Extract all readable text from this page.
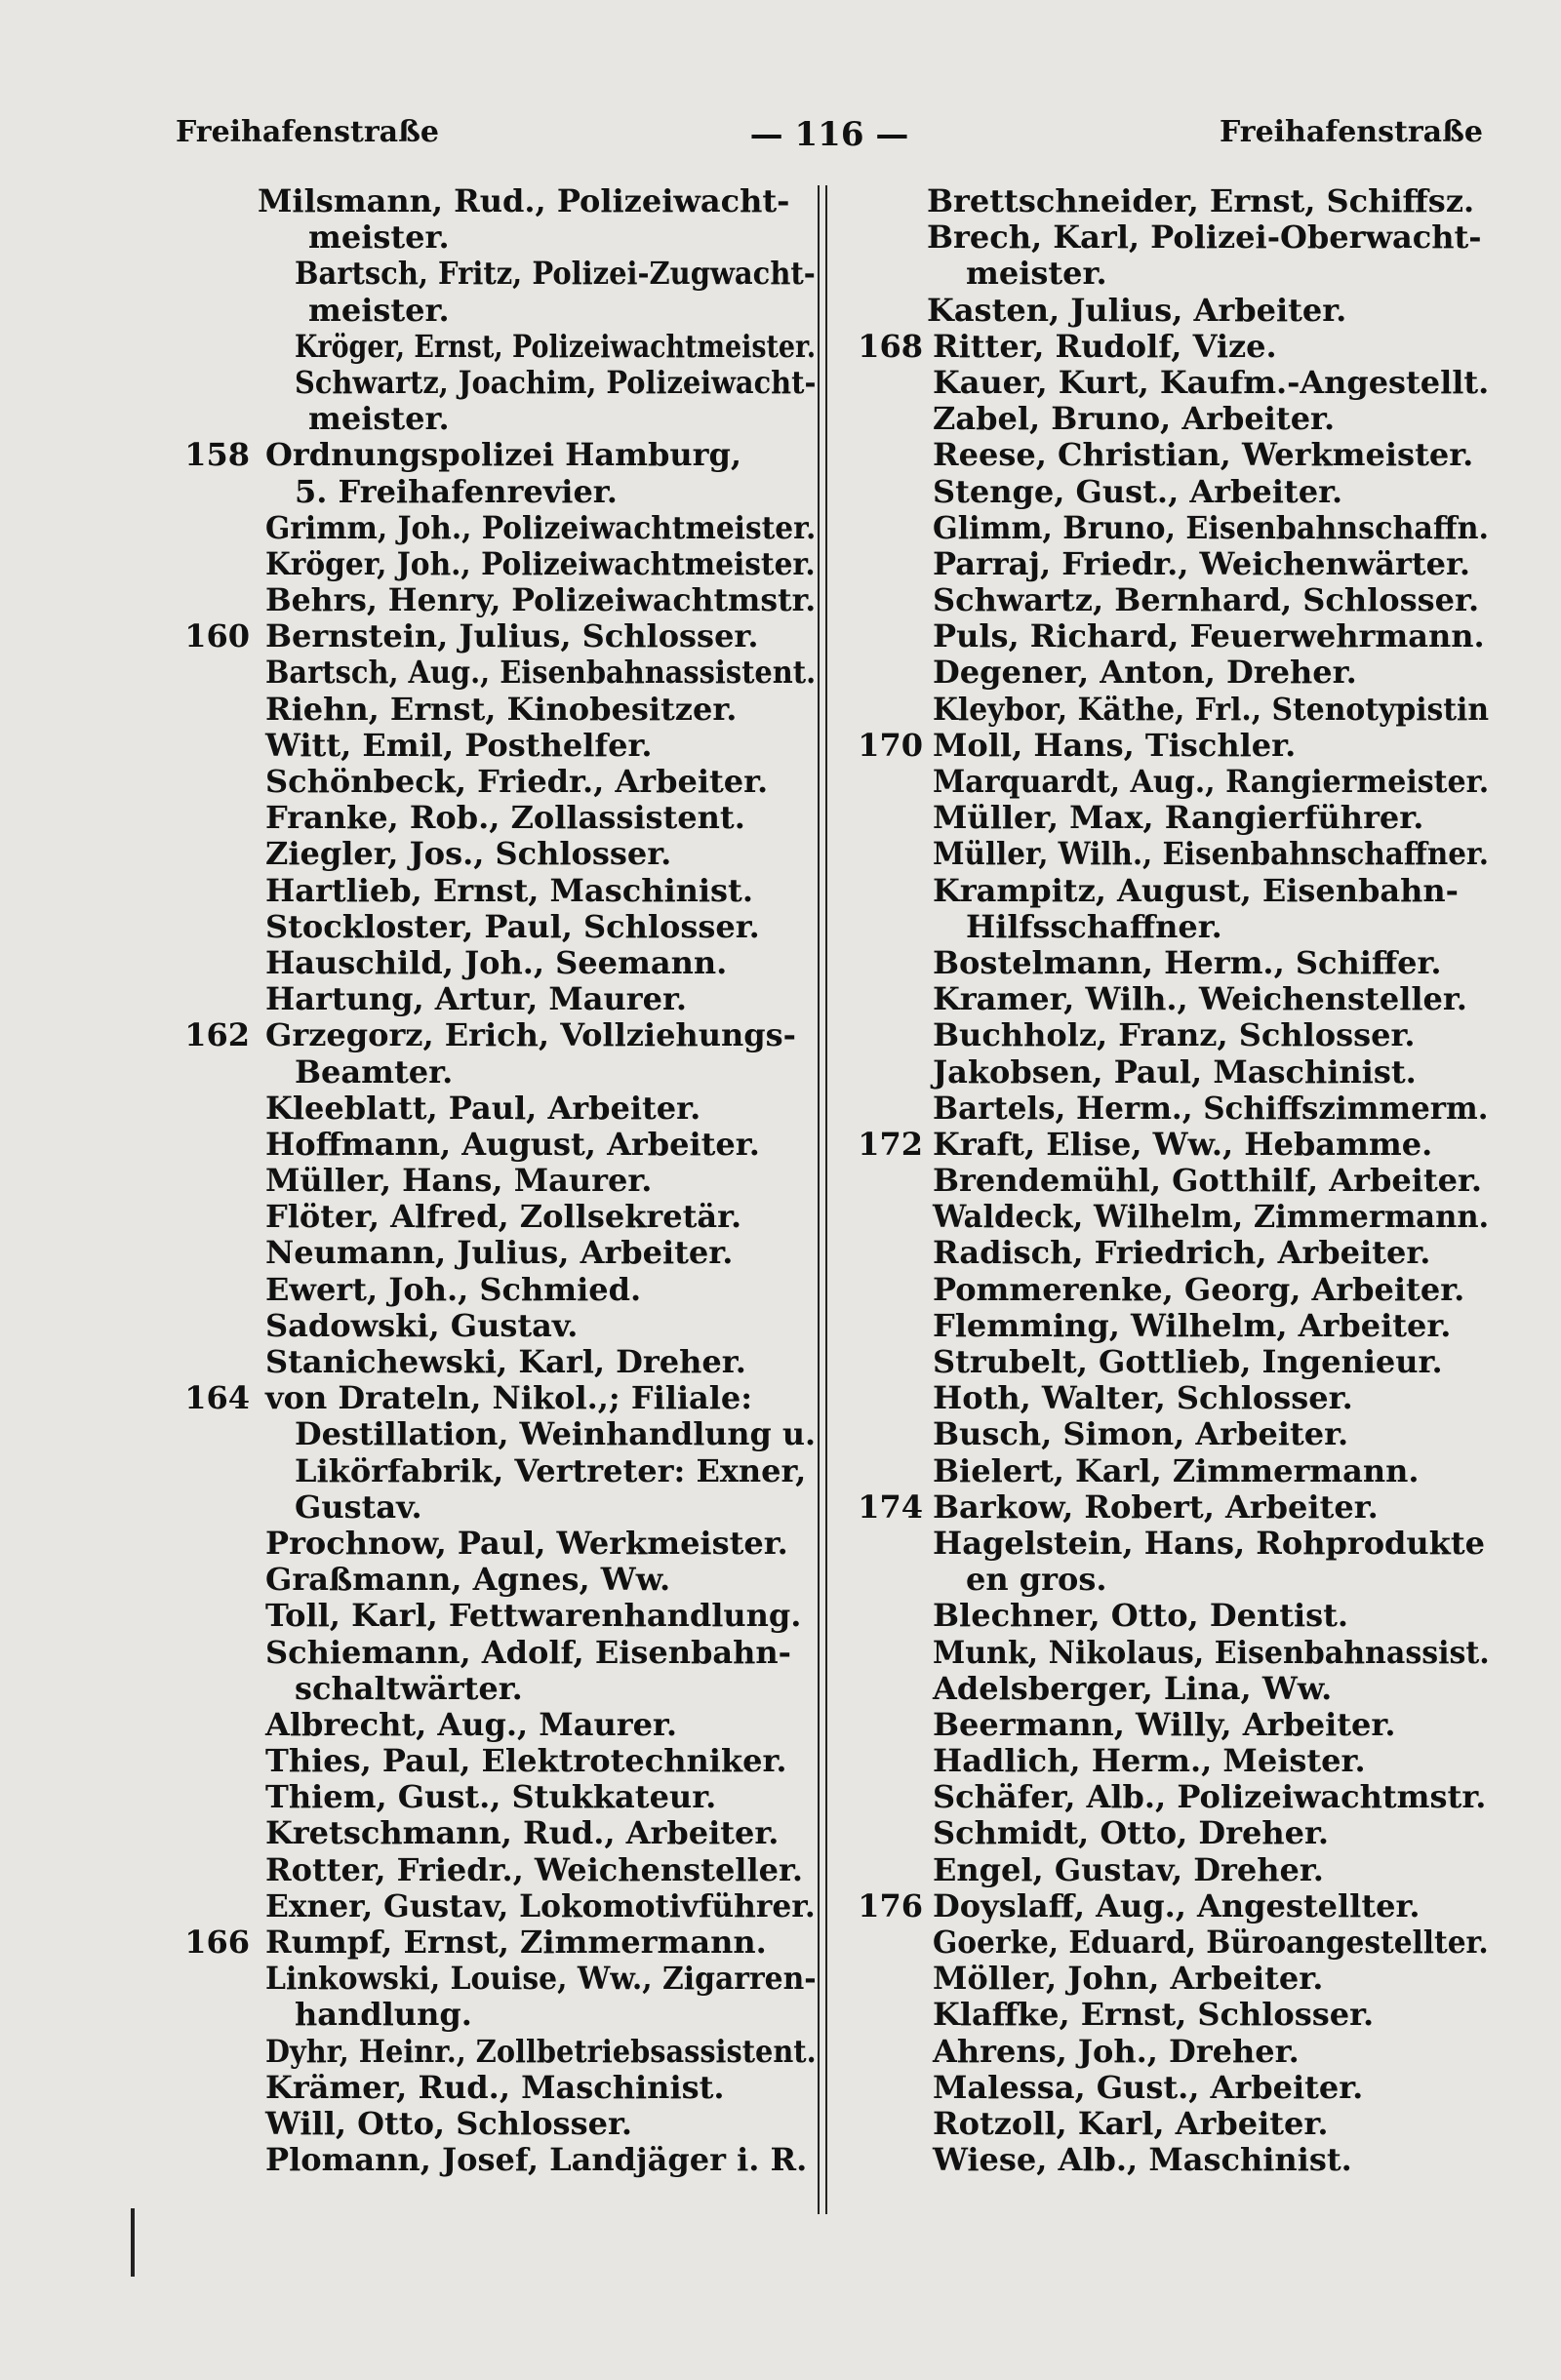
Freihafenstraße	— 116 —	Freihafenstraße
Milsmann, Rud., Polizeiwacht-
meister.
Bartsch, Fritz, Polizei-Zugwacht-
meister.
Kröger, Ernst, Polizeiwachtmeister.
Schwartz, Joachim, Polizeiwacht-
meister.
158 Ordnungspolizei Hamburg,
5. Freihafenrevier.
Grimm, Joh., Polizeiwachtmeister.
Kröger, Joh., Polizeiwachtmeister.
Behrs, Henry, Polizeiwachtmstr.
160 Bernstein, Julius, Schlosser.
Bartsch, Aug., Eisenbahnassistent.
Riehn, Ernst, Kinobesitzer.
Witt, Emil, Posthelfer.
Schönbeck, Friedr., Arbeiter.
Franke, Rob., Zollassistent.
Ziegler, Jos., Schlosser.
Hartlieb, Ernst, Maschinist.
Stockloster, Paul, Schlosser.
Hauschild, Joh., Seemann.
Hartung, Artur, Maurer.
162 Grzegorz, Erich, Vollziehungs-
Beamter.
Kleeblatt, Paul, Arbeiter.
Hoffmann, August, Arbeiter.
Müller, Hans, Maurer.
Flöter, Alfred, Zollsekretär.
Neumann, Julius, Arbeiter.
Ewert, Joh., Schmied.
Sadowski, Gustav.
Stanichewski, Karl, Dreher.
164 von Drateln, Nikol.,; Filiale:
Destillation, Weinhandlung u.
Likörfabrik, Vertreter: Exner,
Gustav.
Prochnow, Paul, Werkmeister.
Graßmann, Agnes, Ww.
Toll, Karl, Fettwarenhandlung.
Schiemann, Adolf, Eisenbahn-
schaltwärter.
Albrecht, Aug., Maurer.
Thies, Paul, Elektrotechniker.
Thiem, Gust., Stukkateur.
Kretschmann, Rud., Arbeiter.
Rotter, Friedr., Weichensteller.
Exner, Gustav, Lokomotivführer.
166 Rumpf, Ernst, Zimmermann.
Linkowski, Louise, Ww., Zigarren-
handlung.
Dyhr, Heinr., Zollbetriebsassistent.
Krämer, Rud., Maschinist.
Will, Otto, Schlosser.
Plomann, Josef, Landjäger i. R.
Brettschneider, Ernst, Schiffsz.
Brech, Karl, Polizei-Oberwacht-
meister.
Kasten, Julius, Arbeiter.
168 Ritter, Rudolf, Vize.
Kauer, Kurt, Kaufm.-Angestellt.
Zabel, Bruno, Arbeiter.
Reese, Christian, Werkmeister.
Stenge, Gust., Arbeiter.
Glimm, Bruno, Eisenbahnschaffn.
Parraj, Friedr., Weichenwärter.
Schwartz, Bernhard, Schlosser.
Puls, Richard, Feuerwehrmann.
Degener, Anton, Dreher.
Kleybor, Käthe, Frl., Stenotypistin
170 Moll, Hans, Tischler.
Marquardt, Aug., Rangiermeister.
Müller, Max, Rangierführer.
Müller, Wilh., Eisenbahnschaffner.
Krampitz, August, Eisenbahn-
Hilfsschaffner.
Bostelmann, Herm., Schiffer.
Kramer, Wilh., Weichensteller.
Buchholz, Franz, Schlosser.
Jakobsen, Paul, Maschinist.
Bartels, Herm., Schiffszimmerm.
172 Kraft, Elise, Ww., Hebamme.
Brendemühl, Gotthilf, Arbeiter.
Waldeck, Wilhelm, Zimmermann.
Radisch, Friedrich, Arbeiter.
Pommerenke, Georg, Arbeiter.
Flemming, Wilhelm, Arbeiter.
Strubelt, Gottlieb, Ingenieur.
Hoth, Walter, Schlosser.
Busch, Simon, Arbeiter.
Bielert, Karl, Zimmermann.
174 Barkow, Robert, Arbeiter.
Hagelstein, Hans, Rohprodukte
en gros.
Blechner, Otto, Dentist.
Munk, Nikolaus, Eisenbahnassist.
Adelsberger, Lina, Ww.
Beermann, Willy, Arbeiter.
Hadlich, Herm., Meister.
Schäfer, Alb., Polizeiwachtmstr.
Schmidt, Otto, Dreher.
Engel, Gustav, Dreher.
176 Doyslaff, Aug., Angestellter.
Goerke, Eduard, Büroangestellter.
Möller, John, Arbeiter.
Klaffke, Ernst, Schlosser.
Ahrens, Joh., Dreher.
Malessa, Gust., Arbeiter.
Rotzoll, Karl, Arbeiter.
Wiese, Alb., Maschinist.
